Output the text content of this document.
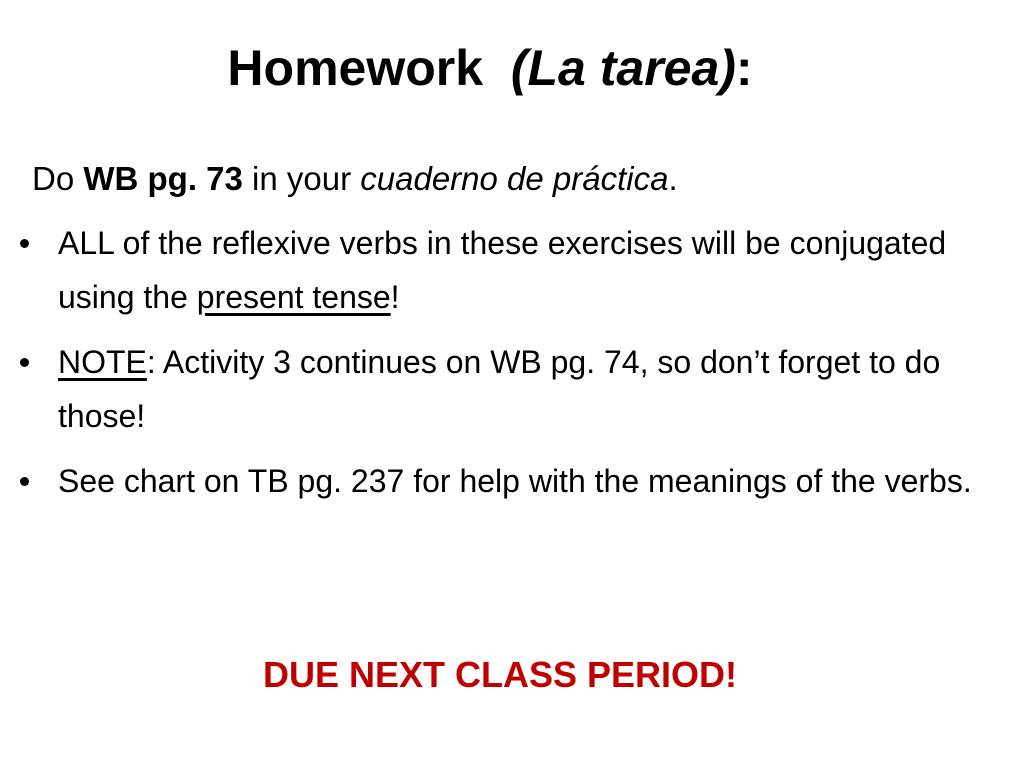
Homework (La tarea):
Do WB pg. 73 in your cuaderno de práctica.
ALL of the reflexive verbs in these exercises will be conjugated using the present tense!
NOTE: Activity 3 continues on WB pg. 74, so don’t forget to do those!
See chart on TB pg. 237 for help with the meanings of the verbs.
DUE NEXT CLASS PERIOD!
